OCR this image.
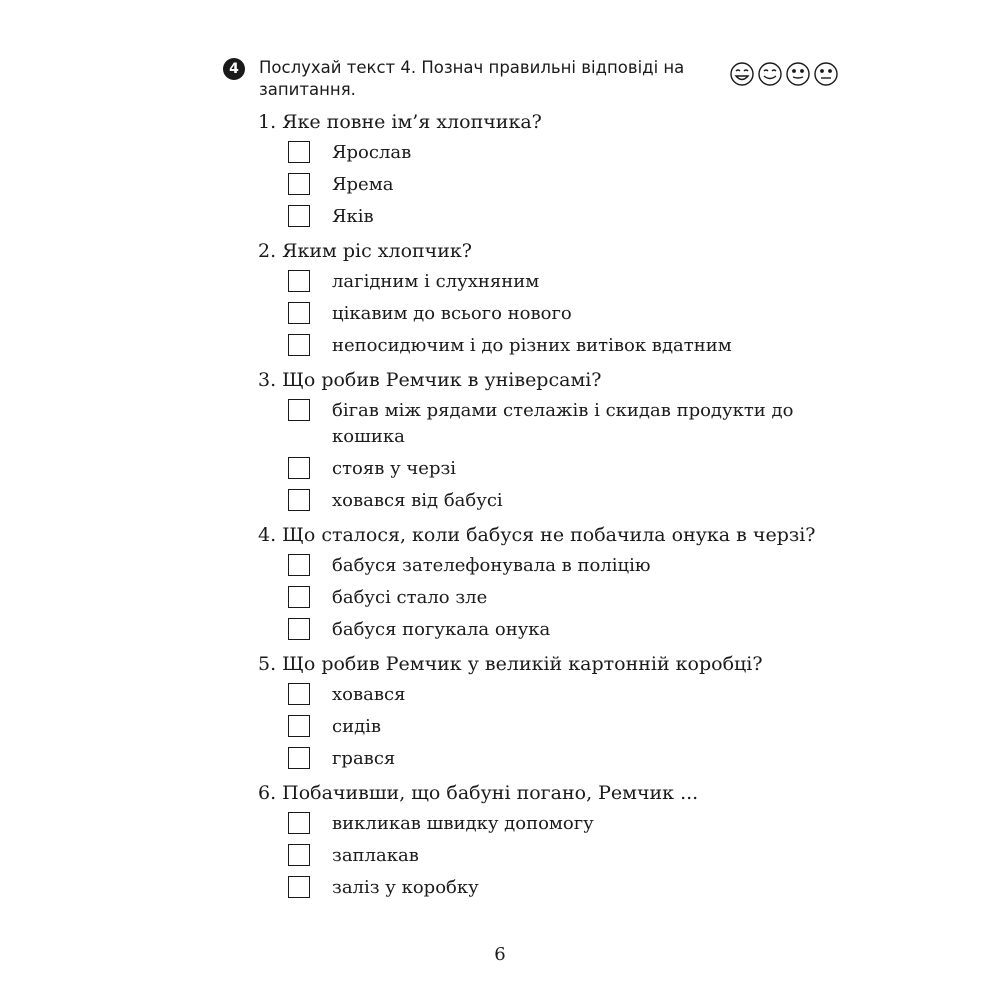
4	Послухай текст 4. Познач правильні відповіді на запитання.
1. Яке повне ім’я хлопчика?
Ярослав
Ярема
Яків
2. Яким ріс хлопчик?
лагідним і слухняним
цікавим до всього нового
непосидючим і до різних витівок вдатним
3. Що робив Ремчик в універсамі?
бігав між рядами стелажів і скидав продукти до кошика
стояв у черзі
ховався від бабусі
4. Що сталося, коли бабуся не побачила онука в черзі?
бабуся зателефонувала в поліцію
бабусі стало зле
бабуся погукала онука
5. Що робив Ремчик у великій картонній коробці?
ховався
сидів
грався
6. Побачивши, що бабуні погано, Ремчик ...
викликав швидку допомогу
заплакав
заліз у коробку
6
